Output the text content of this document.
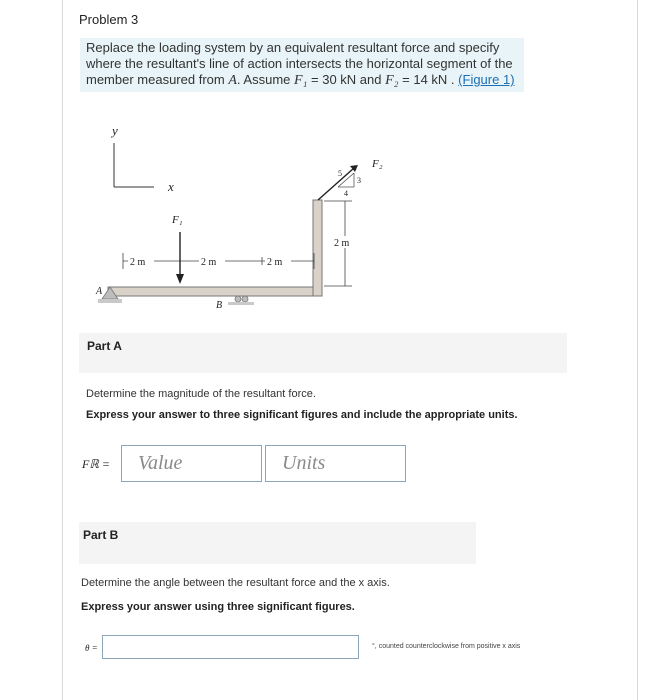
Problem 3
Replace the loading system by an equivalent resultant force and specify where the resultant's line of action intersects the horizontal segment of the member measured from A. Assume F₁ = 30 kN and F₂ = 14 kN . (Figure 1)
y
x
A
B
2 m	2 m	2 m
F₁
F₂
5
3
4
2 m
Part A
Determine the magnitude of the resultant force.
Express your answer to three significant figures and include the appropriate units.
Fℝ = Value	Units
Part B
Determine the angle between the resultant force and the x axis.
Express your answer using three significant figures.
θ =	°, counted counterclockwise from positive x axis
